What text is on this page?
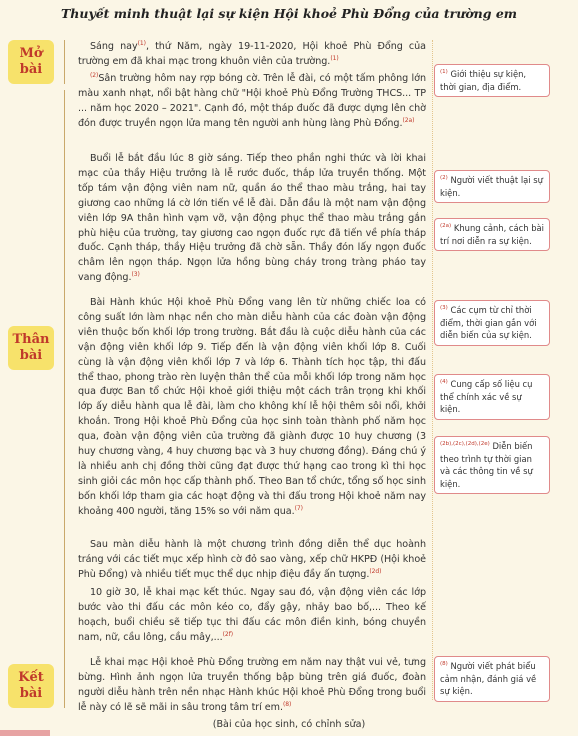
Thuyết minh thuật lại sự kiện Hội khoẻ Phù Đổng của trường em
Mở
bài
Thân
bài
Kết
bài
Sáng nay$^{(1)}$, thứ Năm, ngày 19-11-2020, Hội khoẻ Phù Đổng của trường em đã khai mạc trong khuôn viên của trường.$^{(1)}$
$^{(2)}$Sân trường hôm nay rợp bóng cờ. Trên lễ đài, có một tấm phông lớn màu xanh nhạt, nổi bật hàng chữ "Hội khoẻ Phù Đổng Trường THCS... TP ... năm học 2020 – 2021". Cạnh đó, một tháp đuốc đã được dựng lên chờ đón được truyền ngọn lửa mang tên người anh hùng làng Phù Đổng.$^{(2a)}$
Buổi lễ bắt đầu lúc 8 giờ sáng. Tiếp theo phần nghi thức và lời khai mạc của thầy Hiệu trưởng là lễ rước đuốc, thắp lửa truyền thống. Một tốp tám vận động viên nam nữ, quần áo thể thao màu trắng, hai tay giương cao những lá cờ lớn tiến về lễ đài. Dẫn đầu là một nam vận động viên lớp 9A thân hình vạm vỡ, vận động phục thể thao màu trắng gắn phù hiệu của trường, tay giương cao ngọn đuốc rực đã tiến về phía tháp đuốc. Cạnh tháp, thầy Hiệu trưởng đã chờ sẵn. Thầy đón lấy ngọn đuốc châm lên ngọn tháp. Ngọn lửa hồng bùng cháy trong tràng pháo tay vang động.$^{(3)}$
Bài Hành khúc Hội khoẻ Phù Đổng vang lên từ những chiếc loa có công suất lớn làm nhạc nền cho màn diễu hành của các đoàn vận động viên thuộc bốn khối lớp trong trường. Bắt đầu là cuộc diễu hành của các vận động viên khối lớp 9. Tiếp đến là vận động viên khối lớp 8. Cuối cùng là vận động viên khối lớp 7 và lớp 6. Thành tích học tập, thi đấu thể thao, phong trào rèn luyện thân thể của mỗi khối lớp trong năm học qua được Ban tổ chức Hội khoẻ giới thiệu một cách trân trọng khi khối lớp ấy diễu hành qua lễ đài, làm cho không khí lễ hội thêm sôi nổi, khởi khoắn. Trong Hội khoẻ Phù Đổng của học sinh toàn thành phố năm học qua, đoàn vận động viên của trường đã giành được 10 huy chương (3 huy chương vàng, 4 huy chương bạc và 3 huy chương đồng). Đáng chú ý là nhiều anh chị đồng thời cũng đạt được thứ hạng cao trong kì thi học sinh giỏi các môn học cấp thành phố. Theo Ban tổ chức, tổng số học sinh bốn khối lớp tham gia các hoạt động và thi đấu trong Hội khoẻ năm nay khoảng 400 người, tăng 15% so với năm qua.$^{(7)}$
Sau màn diễu hành là một chương trình đồng diễn thể dục hoành tráng với các tiết mục xếp hình cờ đỏ sao vàng, xếp chữ HKPĐ (Hội khoẻ Phù Đổng) và nhiều tiết mục thể dục nhịp điệu đầy ấn tượng.$^{(2d)}$
10 giờ 30, lễ khai mạc kết thúc. Ngay sau đó, vận động viên các lớp bước vào thi đấu các môn kéo co, đẩy gậy, nhảy bao bố,... Theo kế hoạch, buổi chiều sẽ tiếp tục thi đấu các môn điền kinh, bóng chuyền nam, nữ, cầu lông, cầu mây,...$^{(2f)}$
Lễ khai mạc Hội khoẻ Phù Đổng trường em năm nay thật vui vẻ, tưng bừng. Hình ảnh ngọn lửa truyền thống bập bùng trên giá đuốc, đoàn người diễu hành trên nền nhạc Hành khúc Hội khoẻ Phù Đổng trong buổi lễ này có lẽ sẽ mãi in sâu trong tâm trí em.$^{(8)}$
$^{(1)}$ Giới thiệu sự kiện, thời gian, địa điểm.
$^{(2)}$ Người viết thuật lại sự kiện.
$^{(2a)}$ Khung cảnh, cách bài trí nơi diễn ra sự kiện.
$^{(3)}$ Các cụm từ chỉ thời điểm, thời gian gắn với diễn biến của sự kiện.
$^{(4)}$ Cung cấp số liệu cụ thể chính xác về sự kiện.
$^{(2b),(2c),(2d),(2e)}$ Diễn biến theo trình tự thời gian và các thông tin về sự kiện.
$^{(8)}$ Người viết phát biểu cảm nhận, đánh giá về sự kiện.
(Bài của học sinh, có chỉnh sửa)
